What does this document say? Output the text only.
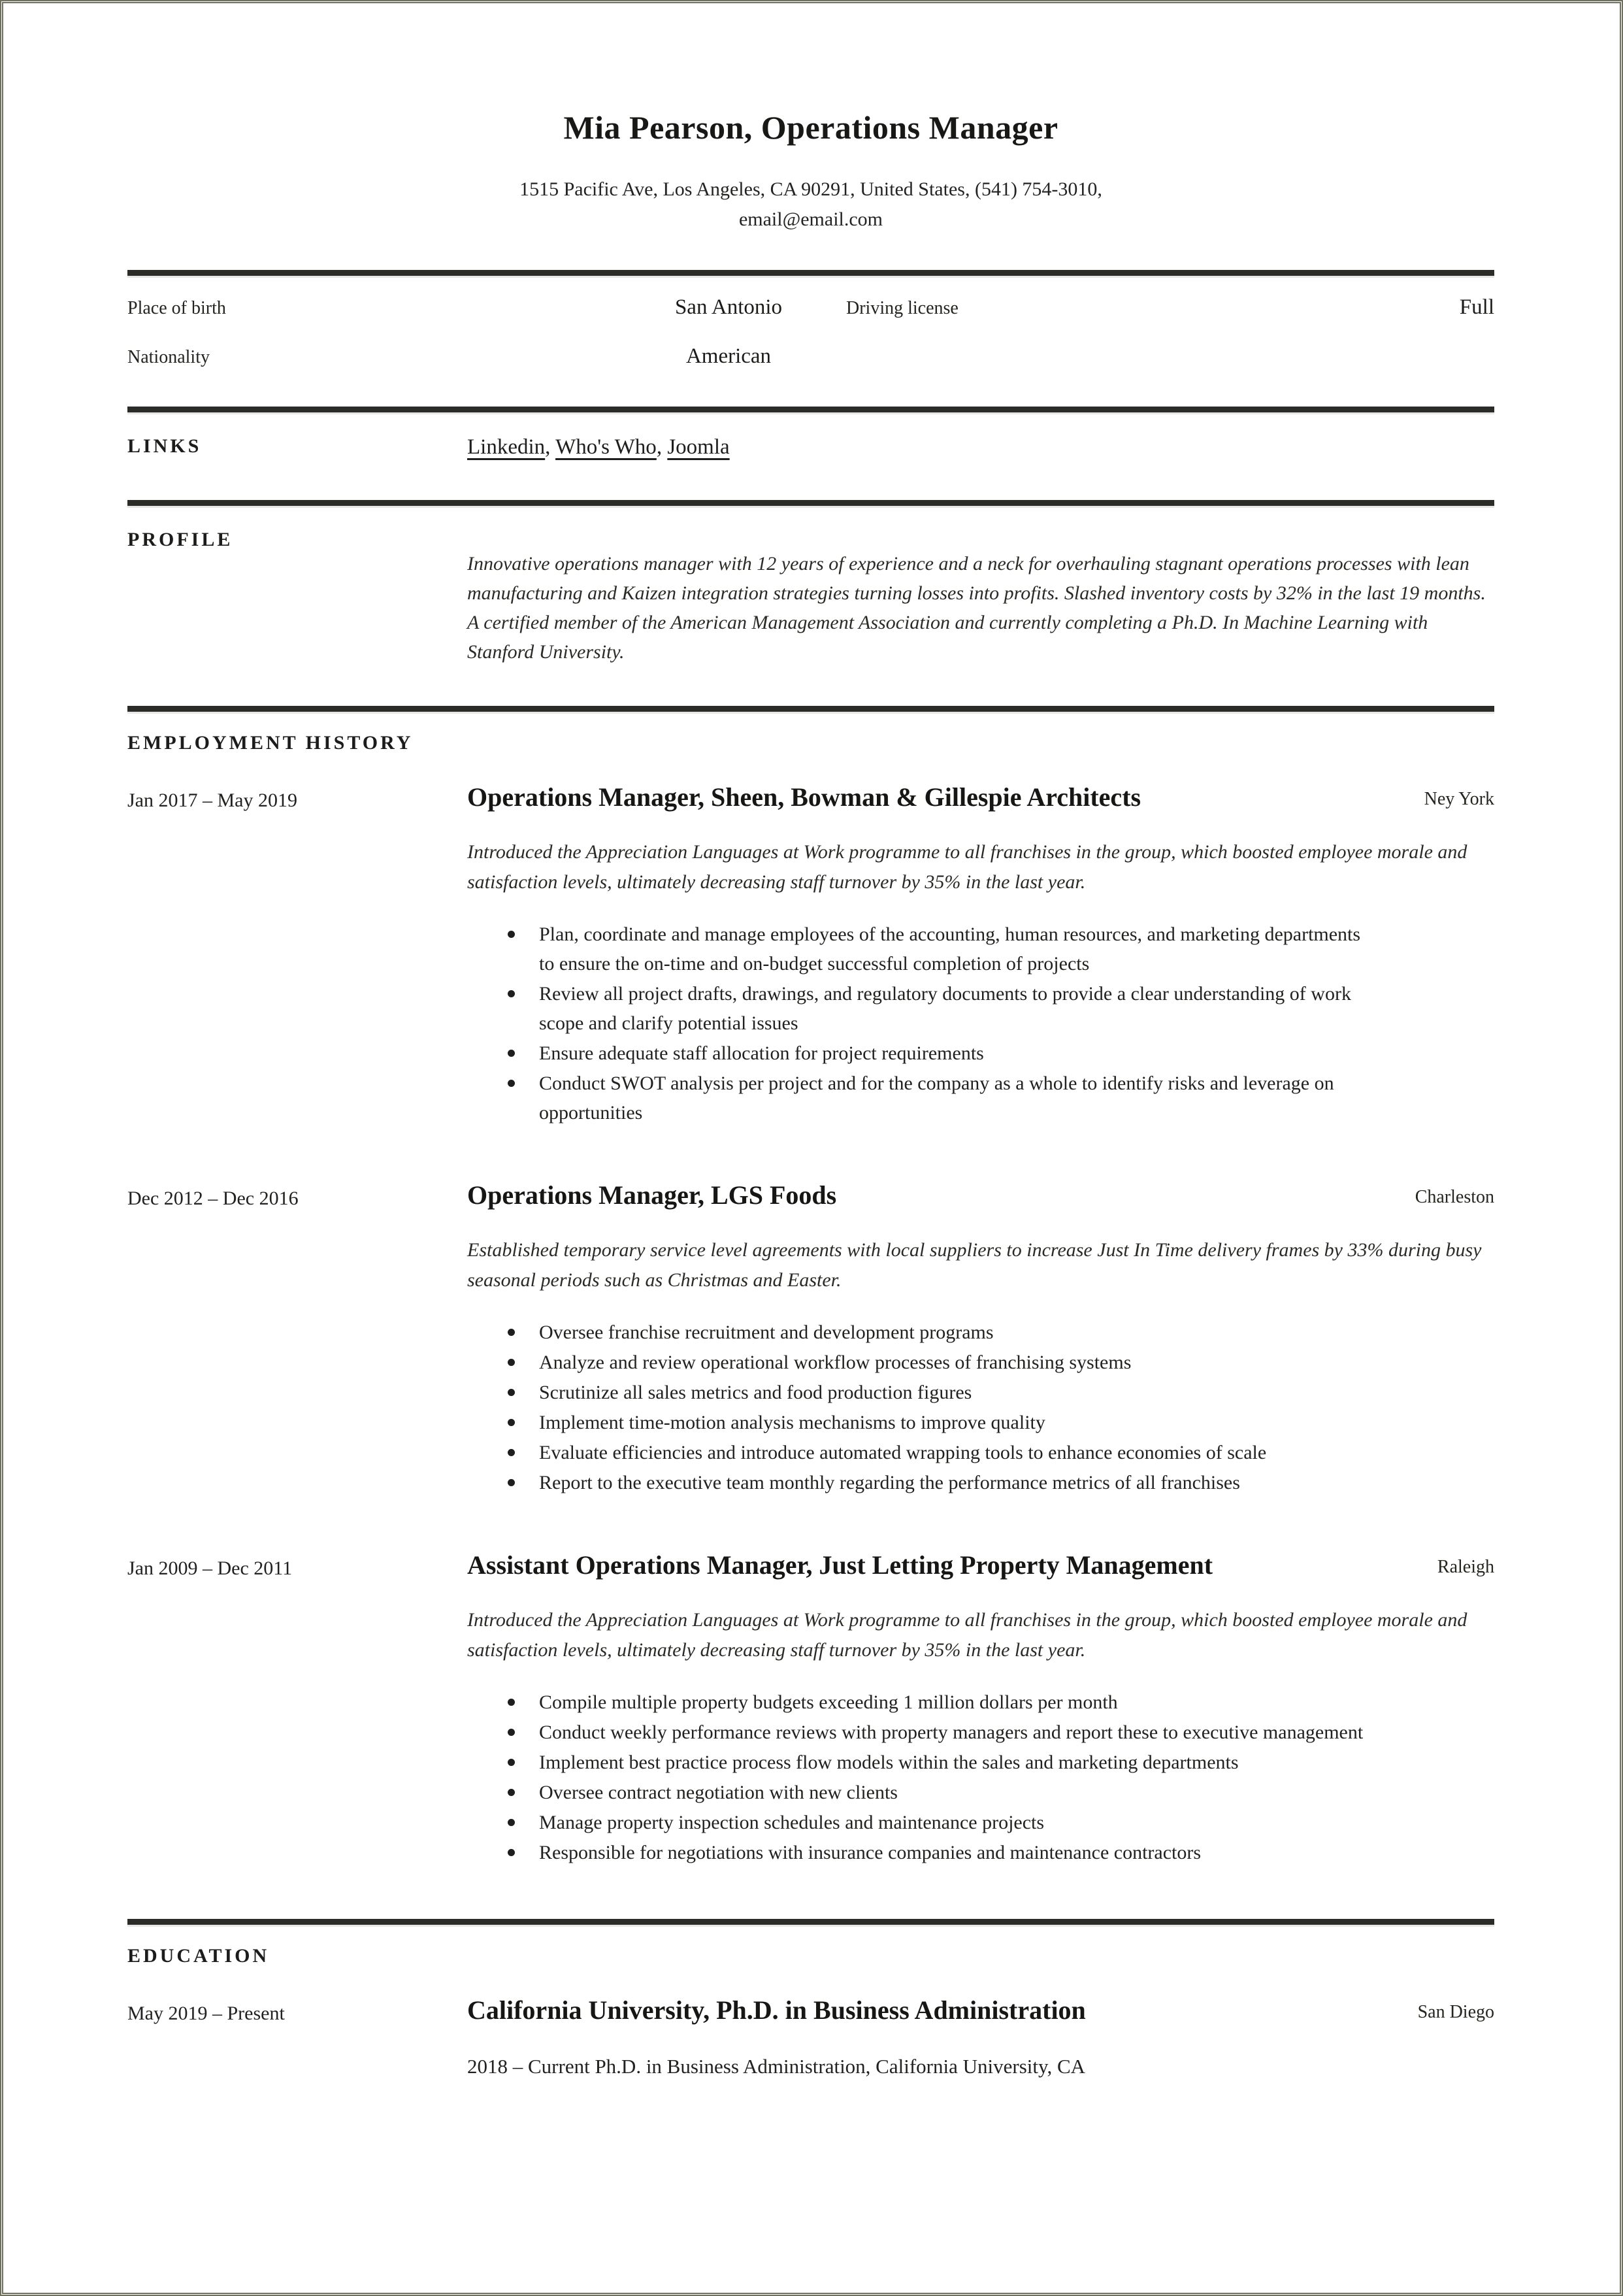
Mia Pearson, Operations Manager
1515 Pacific Ave, Los Angeles, CA 90291, United States, (541) 754-3010,
email@email.com
Place of birth	San Antonio	Driving license	Full
Nationality	American
LINKS	Linkedin, Who's Who, Joomla
PROFILE

Innovative operations manager with 12 years of experience and a neck for overhauling stagnant operations processes with lean manufacturing and Kaizen integration strategies turning losses into profits. Slashed inventory costs by 32% in the last 19 months. A certified member of the American Management Association and currently completing a Ph.D. In Machine Learning with Stanford University.

EMPLOYMENT HISTORY
Jan 2017 – May 2019	Operations Manager, Sheen, Bowman & Gillespie Architects	Ney York

Introduced the Appreciation Languages at Work programme to all franchises in the group, which boosted employee morale and satisfaction levels, ultimately decreasing staff turnover by 35% in the last year.

Plan, coordinate and manage employees of the accounting, human resources, and marketing departments to ensure the on-time and on-budget successful completion of projects
Review all project drafts, drawings, and regulatory documents to provide a clear understanding of work scope and clarify potential issues
Ensure adequate staff allocation for project requirements
Conduct SWOT analysis per project and for the company as a whole to identify risks and leverage on opportunities
Dec 2012 – Dec 2016	Operations Manager, LGS Foods	Charleston

Established temporary service level agreements with local suppliers to increase Just In Time delivery frames by 33% during busy seasonal periods such as Christmas and Easter.

Oversee franchise recruitment and development programs
Analyze and review operational workflow processes of franchising systems
Scrutinize all sales metrics and food production figures
Implement time-motion analysis mechanisms to improve quality
Evaluate efficiencies and introduce automated wrapping tools to enhance economies of scale
Report to the executive team monthly regarding the performance metrics of all franchises
Jan 2009 – Dec 2011	Assistant Operations Manager, Just Letting Property Management	Raleigh

Introduced the Appreciation Languages at Work programme to all franchises in the group, which boosted employee morale and satisfaction levels, ultimately decreasing staff turnover by 35% in the last year.

Compile multiple property budgets exceeding 1 million dollars per month
Conduct weekly performance reviews with property managers and report these to executive management
Implement best practice process flow models within the sales and marketing departments
Oversee contract negotiation with new clients
Manage property inspection schedules and maintenance projects
Responsible for negotiations with insurance companies and maintenance contractors
EDUCATION
May 2019 – Present	California University, Ph.D. in Business Administration	San Diego

2018 – Current Ph.D. in Business Administration, California University, CA
